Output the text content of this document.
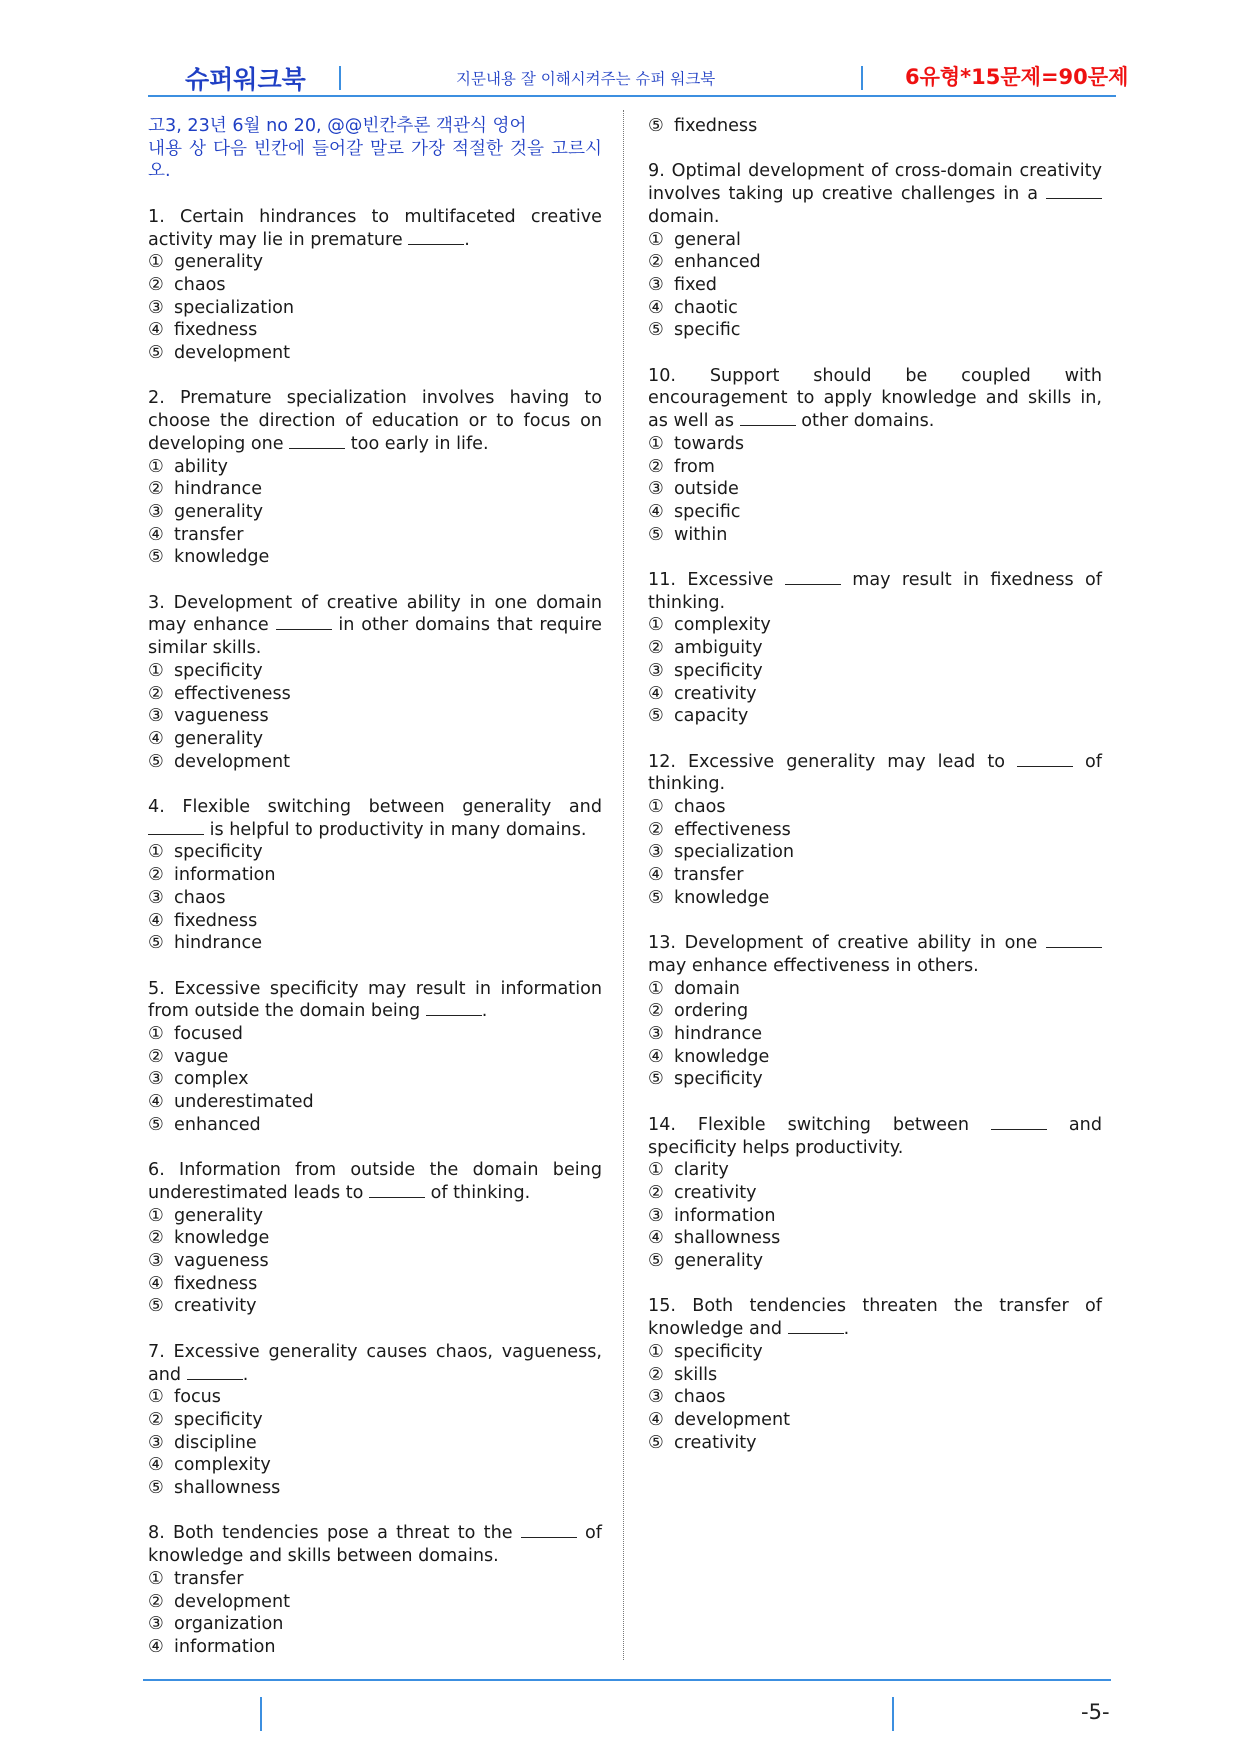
슈퍼워크북	지문내용 잘 이해시켜주는 슈퍼 워크북	6유형*15문제=90문제
고3, 23년 6월 no 20, @@빈칸추론 객관식 영어
내용 상 다음 빈칸에 들어갈 말로 가장 적절한 것을 고르시오.
1. Certain hindrances to multifaceted creative activity may lie in premature	.
① generality
② chaos
③ specialization
④ fixedness
⑤ development
2. Premature specialization involves having to choose the direction of education or to focus on developing one	too early in life.
① ability
② hindrance
③ generality
④ transfer
⑤ knowledge
3. Development of creative ability in one domain may enhance	in other domains that require similar skills.
① specificity
② effectiveness
③ vagueness
④ generality
⑤ development
4. Flexible switching between generality and  is helpful to productivity in many domains.
① specificity
② information
③ chaos
④ fixedness
⑤ hindrance
5. Excessive specificity may result in information from outside the domain being	.
① focused
② vague
③ complex
④ underestimated
⑤ enhanced
6. Information from outside the domain being underestimated leads to	of thinking.
① generality
② knowledge
③ vagueness
④ fixedness
⑤ creativity
7. Excessive generality causes chaos, vagueness, and	.
① focus
② specificity
③ discipline
④ complexity
⑤ shallowness
8. Both tendencies pose a threat to the	of knowledge and skills between domains.
① transfer
② development
③ organization
④ information
⑤ fixedness
9. Optimal development of cross-domain creativity involves taking up creative challenges in a  domain.
① general
② enhanced
③ fixed
④ chaotic
⑤ specific
10. Support should be coupled with encouragement to apply knowledge and skills in, as well as	other domains.
① towards
② from
③ outside
④ specific
⑤ within
11. Excessive	may result in fixedness of thinking.
① complexity
② ambiguity
③ specificity
④ creativity
⑤ capacity
12. Excessive generality may lead to	of thinking.
① chaos
② effectiveness
③ specialization
④ transfer
⑤ knowledge
13. Development of creative ability in one  may enhance effectiveness in others.
① domain
② ordering
③ hindrance
④ knowledge
⑤ specificity
14. Flexible switching between	and specificity helps productivity.
① clarity
② creativity
③ information
④ shallowness
⑤ generality
15. Both tendencies threaten the transfer of knowledge and	.
① specificity
② skills
③ chaos
④ development
⑤ creativity
-5-
